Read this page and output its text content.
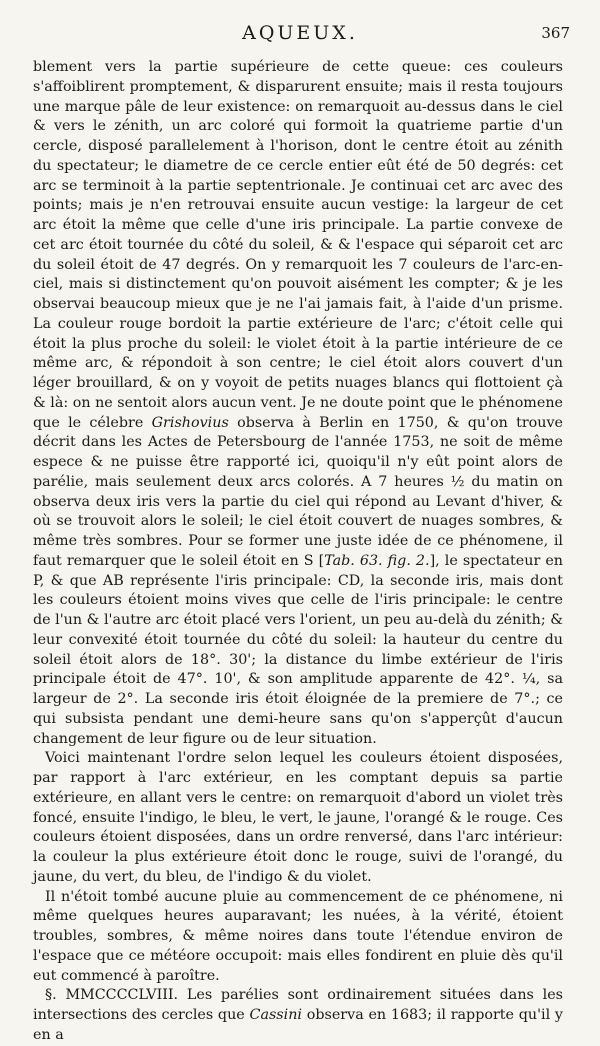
AQUEUX.	367

blement vers la partie supérieure de cette queue: ces couleurs s'affoiblirent promptement, & disparurent ensuite; mais il resta toujours une marque pâle de leur existence: on remarquoit au-dessus dans le ciel & vers le zénith, un arc coloré qui formoit la quatrieme partie d'un cercle, disposé parallelement à l'horison, dont le centre étoit au zénith du spectateur; le diametre de ce cercle entier eût été de 50 degrés: cet arc se terminoit à la partie septentrionale. Je continuai cet arc avec des points; mais je n'en retrouvai ensuite aucun vestige: la largeur de cet arc étoit la même que celle d'une iris principale. La partie convexe de cet arc étoit tournée du côté du soleil, & & l'espace qui séparoit cet arc du soleil étoit de 47 degrés. On y remarquoit les 7 couleurs de l'arc-en-ciel, mais si distinctement qu'on pouvoit aisément les compter; & je les observai beaucoup mieux que je ne l'ai jamais fait, à l'aide d'un prisme. La couleur rouge bordoit la partie extérieure de l'arc; c'étoit celle qui étoit la plus proche du soleil: le violet étoit à la partie intérieure de ce même arc, & répondoit à son centre; le ciel étoit alors couvert d'un léger brouillard, & on y voyoit de petits nuages blancs qui flottoient çà & là: on ne sentoit alors aucun vent. Je ne doute point que le phénomene que le célebre Grishovius observa à Berlin en 1750, & qu'on trouve décrit dans les Actes de Petersbourg de l'année 1753, ne soit de même espece & ne puisse être rapporté ici, quoiqu'il n'y eût point alors de parélie, mais seulement deux arcs colorés. A 7 heures ½ du matin on observa deux iris vers la partie du ciel qui répond au Levant d'hiver, & où se trouvoit alors le soleil; le ciel étoit couvert de nuages sombres, & même très sombres. Pour se former une juste idée de ce phénomene, il faut remarquer que le soleil étoit en S [Tab. 63. fig. 2.], le spectateur en P, & que AB représente l'iris principale: CD, la seconde iris, mais dont les couleurs étoient moins vives que celle de l'iris principale: le centre de l'un & l'autre arc étoit placé vers l'orient, un peu au-delà du zénith; & leur convexité étoit tournée du côté du soleil: la hauteur du centre du soleil étoit alors de 18°. 30'; la distance du limbe extérieur de l'iris principale étoit de 47°. 10', & son amplitude apparente de 42°. ¼, sa largeur de 2°. La seconde iris étoit éloignée de la premiere de 7°.; ce qui subsista pendant une demi-heure sans qu'on s'apperçût d'aucun changement de leur figure ou de leur situation.

Voici maintenant l'ordre selon lequel les couleurs étoient disposées, par rapport à l'arc extérieur, en les comptant depuis sa partie extérieure, en allant vers le centre: on remarquoit d'abord un violet très foncé, ensuite l'indigo, le bleu, le vert, le jaune, l'orangé & le rouge. Ces couleurs étoient disposées, dans un ordre renversé, dans l'arc intérieur: la couleur la plus extérieure étoit donc le rouge, suivi de l'orangé, du jaune, du vert, du bleu, de l'indigo & du violet.

Il n'étoit tombé aucune pluie au commencement de ce phénomene, ni même quelques heures auparavant; les nuées, à la vérité, étoient troubles, sombres, & même noires dans toute l'étendue environ de l'espace que ce météore occupoit: mais elles fondirent en pluie dès qu'il eut commencé à paroître.

§. MMCCCCLVIII. Les parélies sont ordinairement situées dans les intersections des cercles que Cassini observa en 1683; il rapporte qu'il y en a
